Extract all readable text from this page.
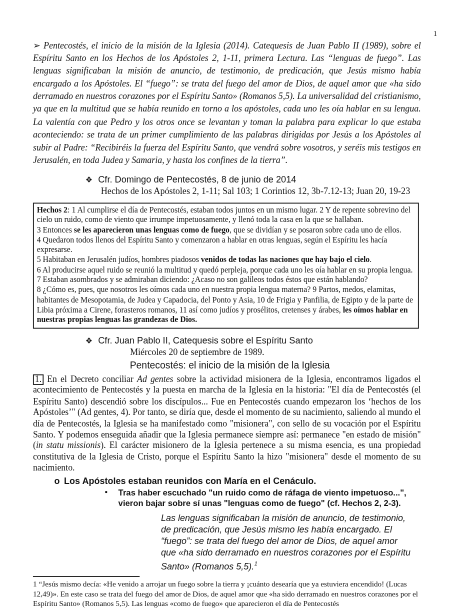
1
➢ Pentecostés, el inicio de la misión de la Iglesia (2014). Catequesis de Juan Pablo II (1989), sobre el Espíritu Santo en los Hechos de los Apóstoles 2, 1-11, primera Lectura. Las “lenguas de fuego”. Las lenguas significaban la misión de anuncio, de testimonio, de predicación, que Jesús mismo había encargado a los Apóstoles. El “fuego”: se trata del fuego del amor de Dios, de aquel amor que «ha sido derramado en nuestros corazones por el Espíritu Santo» (Romanos 5,5). La universalidad del cristianismo, ya que en la multitud que se había reunido en torno a los apóstoles, cada uno les oía hablar en su lengua. La valentía con que Pedro y los otros once se levantan y toman la palabra para explicar lo que estaba aconteciendo: se trata de un primer cumplimiento de las palabras dirigidas por Jesús a los Apóstoles al subir al Padre: “Recibiréis la fuerza del Espíritu Santo, que vendrá sobre vosotros, y seréis mis testigos en Jerusalén, en toda Judea y Samaria, y hasta los confines de la tierra”.
❖ Cfr. Domingo de Pentecostés, 8 de junio de 2014
Hechos de los Apóstoles 2, 1-11; Sal 103; 1 Corintios 12, 3b-7.12-13; Juan 20, 19-23
Hechos 2: 1 Al cumplirse el día de Pentecostés, estaban todos juntos en un mismo lugar. 2 Y de repente sobrevino del cielo un ruido, como de viento que irrumpe impetuosamente, y llenó toda la casa en la que se hallaban.
3 Entonces se les aparecieron unas lenguas como de fuego, que se dividían y se posaron sobre cada uno de ellos.
4 Quedaron todos llenos del Espíritu Santo y comenzaron a hablar en otras lenguas, según el Espíritu les hacía expresarse.
5 Habitaban en Jerusalén judíos, hombres piadosos venidos de todas las naciones que hay bajo el cielo.
6 Al producirse aquel ruido se reunió la multitud y quedó perpleja, porque cada uno les oía hablar en su propia lengua.
7 Estaban asombrados y se admiraban diciendo: ¿Acaso no son galileos todos éstos que están hablando?
8 ¿Cómo es, pues, que nosotros les oímos cada uno en nuestra propia lengua materna? 9 Partos, medos, elamitas, habitantes de Mesopotamia, de Judea y Capadocia, del Ponto y Asia, 10 de Frigia y Panfilia, de Egipto y de la parte de Libia próxima a Cirene, forasteros romanos, 11 así como judíos y prosélitos, cretenses y árabes, les oímos hablar en nuestras propias lenguas las grandezas de Dios.
❖ Cfr. Juan Pablo II, Catequesis sobre el Espíritu Santo
Miércoles 20 de septiembre de 1989.
Pentecostés: el inicio de la misión de la Iglesia
1. En el Decreto conciliar Ad gentes sobre la actividad misionera de la Iglesia, encontramos ligados el acontecimiento de Pentecostés y la puesta en marcha de la Iglesia en la historia: "El día de Pentecostés (el Espíritu Santo) descendió sobre los discípulos... Fue en Pentecostés cuando empezaron los ‘hechos de los Apóstoles’" (Ad gentes, 4). Por tanto, se diría que, desde el momento de su nacimiento, saliendo al mundo el día de Pentecostés, la Iglesia se ha manifestado como "misionera", con sello de su vocación por el Espíritu Santo. Y podemos enseguida añadir que la Iglesia permanece siempre así: permanece "en estado de misión" (in statu missionis). El carácter misionero de la Iglesia pertenece a su misma esencia, es una propiedad constitutiva de la Iglesia de Cristo, porque el Espíritu Santo la hizo "misionera" desde el momento de su nacimiento.
o Los Apóstoles estaban reunidos con María en el Cenáculo.
▪ Tras haber escuchado "un ruido como de ráfaga de viento impetuoso...", vieron bajar sobre sí unas "lenguas como de fuego" (cf. Hechos 2, 2-3).
Las lenguas significaban la misión de anuncio, de testimonio, de predicación, que Jesús mismo les había encargado. El “fuego”: se trata del fuego del amor de Dios, de aquel amor que «ha sido derramado en nuestros corazones por el Espíritu Santo» (Romanos 5,5).$^1$
1 “Jesús mismo decía: «He venido a arrojar un fuego sobre la tierra y ¡cuánto desearía que ya estuviera encendido! (Lucas 12,49)». En este caso se trata del fuego del amor de Dios, de aquel amor que «ha sido derramado en nuestros corazones por el Espíritu Santo» (Romanos 5,5). Las lenguas «como de fuego» que aparecieron el día de Pentecostés
